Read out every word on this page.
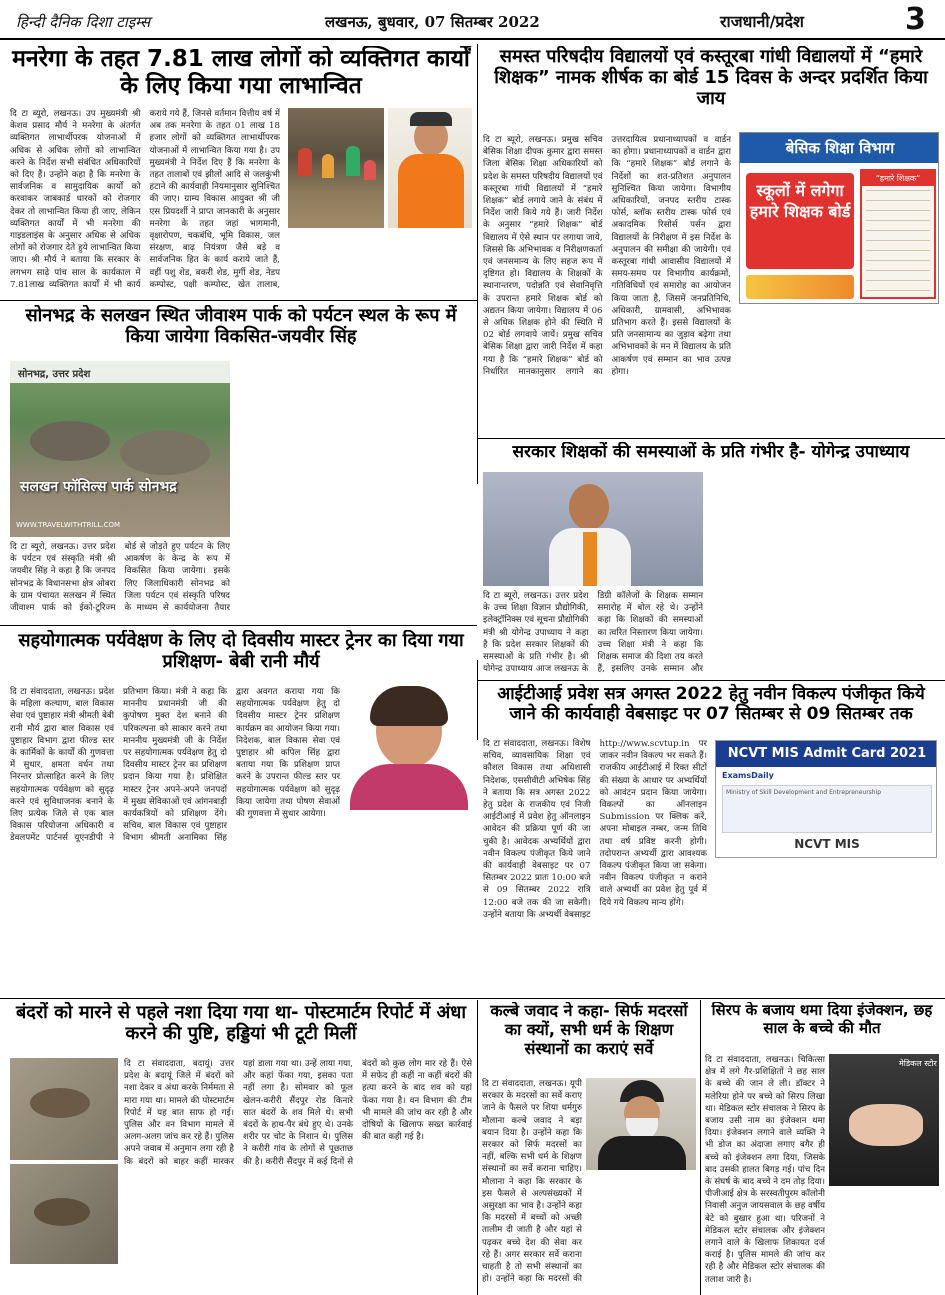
हिन्दी दैनिक दिशा टाइम्स	लखनऊ, बुधवार, 07 सितम्बर 2022	राजधानी/प्रदेश	3
मनरेगा के तहत 7.81 लाख लोगों को व्यक्तिगत कार्यों के लिए किया गया लाभान्वित
दि टा ब्यूरो, लखनऊ। उप मुख्यमंत्री श्री केशव प्रसाद मौर्य ने मनरेगा के अंतर्गत व्यक्तिगत लाभार्थीपरक योजनाओं में अधिक से अधिक लोगों को लाभान्वित करने के निर्देश सभी संबंधित अधिकारियों को दिए हैं। उन्होंने कहा है कि मनरेगा के सार्वजनिक व सामुदायिक कार्यों को करवाकर जाबकार्ड धारकों को रोजगार देकर तो लाभान्वित किया ही जाए, लेकिन व्यक्तिगत कार्यों में भी मनरेगा की गाइडलाइंस के अनुसार अधिक से अधिक लोगों को रोजगार देते हुये लाभान्वित किया जाए। श्री मौर्य ने बताया कि सरकार के लगभग साढ़े पांच साल के कार्यकाल में 7.81लाख व्यक्तिगत कार्यों में भी कार्य कराये गये हैं, जिनसे वर्तमान वित्तीय वर्ष में अब तक मनरेगा के तहत 01 लाख 18 हजार लोगों को व्यक्तिगत लाभार्थीपरक योजनाओं में लाभान्वित किया गया है। उप मुख्यमंत्री ने निर्देश दिए हैं कि मनरेगा के तहत तालाबों एवं झीलों आदि से जलकुंभी हटाने की कार्यवाही नियमानुसार सुनिश्चित की जाए। ग्राम्य विकास आयुक्त श्री जी एस प्रियदर्शी ने प्राप्त जानकारी के अनुसार मनरेगा के तहत जहां भागमानी, वृक्षारोपण, चकबंधि, भूमि विकास, जल संरक्षण, बाढ़ नियंत्रण जैसे बड़े व सार्वजनिक हित के कार्य कराये जाते हैं, वहीं पशु शेड, बकरी शेड, मुर्गी शेड, नेडप कम्पोस्ट, पक्षी कम्पोस्ट, खेत तालाब,
समस्त परिषदीय विद्यालयों एवं कस्तूरबा गांधी विद्यालयों में “हमारे शिक्षक” नामक शीर्षक का बोर्ड 15 दिवस के अन्दर प्रदर्शित किया जाय
दि टा ब्यूरो, लखनऊ। प्रमुख सचिव बेसिक शिक्षा दीपक कुमार द्वारा समस्त जिला बेसिक शिक्षा अधिकारियों को प्रदेश के समस्त परिषदीय विद्यालयों एवं कस्तूरबा गांधी विद्यालयों में “हमारे शिक्षक” बोर्ड लगाये जाने के संबंध में निर्देश जारी किये गये हैं। जारी निर्देश के अनुसार “हमारे शिक्षक” बोर्ड विद्यालय में ऐसे स्थान पर लगाया जाये, जिससे कि अभिभावक व निरीक्षणकर्ता एवं जनसमान्य के लिए सहज रूप में दृष्टिगत हो। विद्यालय के शिक्षकों के स्थानान्तरण, पदोन्नति एवं सेवानिवृत्ति के उपरान्त हमारे शिक्षक बोर्ड को अद्यतन किया जायेगा। विद्यालय में 06 से अधिक शिक्षक होने की स्थिति में 02 बोर्ड लगवाये जायें। प्रमुख सचिव बेसिक शिक्षा द्वारा जारी निर्देश में कहा गया है कि “हमारे शिक्षक” बोर्ड को निर्धारित मानकानुसार लगाने का उत्तरदायित्व प्रधानाध्यापकों व वार्डन का होगा। प्रधानाध्यापकों व वार्डन द्वारा कि “हमारे शिक्षक” बोर्ड लगाने के निर्देशों का शत-प्रतिशत अनुपालन सुनिश्चित किया जायेगा। विभागीय अधिकारियों, जनपद स्तरीय टास्क फोर्स, ब्लॉक स्तरीय टास्क फोर्स एवं अकादमिक रिसोर्स पर्सन द्वारा विद्यालयों के निरीक्षण में इस निर्देश के अनुपालन की समीक्षा की जायेगी। एवं कस्तूरबा गांधी आवासीय विद्यालयों में समय-समय पर विभागीय कार्यक्रमों, गतिविधियों एवं समारोह का आयोजन किया जाता है, जिसमें जनप्रतिनिधि, अधिकारी, ग्रामवासी, अभिभावक प्रतिभाग करते हैं। इससे विद्यालयों के प्रति जनसामान्य का जुड़ाव बढ़ेगा तथा अभिभावकों के मन में विद्यालय के प्रति आकर्षण एवं सम्मान का भाव उत्पन्न होगा।
बेसिक शिक्षा विभाग
स्कूलों में लगेगा हमारे शिक्षक बोर्ड
“हमारे शिक्षक”
सोनभद्र के सलखन स्थित जीवाश्म पार्क को पर्यटन स्थल के रूप में किया जायेगा विकसित-जयवीर सिंह
सोनभद्र, उत्तर प्रदेश
सलखन फॉसिल्स पार्क सोनभद्र
WWW.TRAVELWITHTRILL.COM
दि टा ब्यूरो, लखनऊ। उत्तर प्रदेश के पर्यटन एवं संस्कृति मंत्री श्री जयवीर सिंह ने कहा है कि जनपद सोनभद्र के विधानसभा क्षेत्र ओबरा के ग्राम पंचायत सलखन में स्थित जीवाश्म पार्क को ईको-टूरिज्म बोर्ड से जोड़ते हुए पर्यटन के लिए आकर्षण के केन्द्र के रूप में विकसित किया जायेगा। इसके लिए जिलाधिकारी सोनभद्र को जिला पर्यटन एवं संस्कृति परिषद के माध्यम से कार्ययोजना तैयार
सरकार शिक्षकों की समस्याओं के प्रति गंभीर है- योगेन्द्र उपाध्याय
दि टा ब्यूरो, लखनऊ। उत्तर प्रदेश के उच्च शिक्षा विज्ञान प्रौद्योगिकी, इलेक्ट्रॉनिक्स एवं सूचना प्रौद्योगिकी मंत्री श्री योगेन्द्र उपाध्याय ने कहा है कि प्रदेश सरकार शिक्षकों की समस्याओं के प्रति गंभीर है। श्री योगेन्द्र उपाध्याय आज लखनऊ के डिग्री कॉलेजों के शिक्षक सम्मान समारोह में बोल रहे थे। उन्होंने कहा कि शिक्षकों की समस्याओं का त्वरित निस्तारण किया जायेगा। उच्च शिक्षा मंत्री ने कहा कि शिक्षक समाज की दिशा तय करते हैं, इसलिए उनके सम्मान और
सहयोगात्मक पर्यवेक्षण के लिए दो दिवसीय मास्टर ट्रेनर का दिया गया प्रशिक्षण- बेबी रानी मौर्य
दि टा संवाददाता, लखनऊ। प्रदेश के महिला कल्याण, बाल विकास सेवा एवं पुष्टाहार मंत्री श्रीमती बेबी रानी मौर्य द्वारा बाल विकास एवं पुष्टाहार विभाग द्वारा फील्ड स्तर के कार्मिकों के कार्यों की गुणवत्ता में सुधार, क्षमता वर्धन तथा निरन्तर प्रोत्साहित करने के लिए सहयोगात्मक पर्यवेक्षण को सुदृढ़ करने एवं सुविधाजनक बनाने के लिए प्रत्येक जिले से एक बाल विकास परियोजना अधिकारी व डेवलपमेंट पार्टनर्स यूएनडीपी ने प्रतिभाग किया। मंत्री ने कहा कि माननीय प्रधानमंत्री जी की कुपोषण मुक्त देश बनाने की परिकल्पना को साकार करने तथा माननीय मुख्यमंत्री जी के निर्देश पर सहयोगात्मक पर्यवेक्षण हेतु दो दिवसीय मास्टर ट्रेनर का प्रशिक्षण प्रदान किया गया है। प्रशिक्षित मास्टर ट्रेनर अपने-अपने जनपदों में मुख्य सेविकाओं एवं आंगनबाड़ी कार्यकत्रियों को प्रशिक्षण देंगे। सचिव, बाल विकास एवं पुष्टाहार विभाग श्रीमती अनामिका सिंह द्वारा अवगत कराया गया कि सहयोगात्मक पर्यवेक्षण हेतु दो दिवसीय मास्टर ट्रेनर प्रशिक्षण कार्यक्रम का आयोजन किया गया। निदेशक, बाल विकास सेवा एवं पुष्टाहार श्री कपिल सिंह द्वारा बताया गया कि प्रशिक्षण प्राप्त करने के उपरान्त फील्ड स्तर पर सहयोगात्मक पर्यवेक्षण को सुदृढ़ किया जायेगा तथा पोषण सेवाओं की गुणवत्ता में सुधार आयेगा।
आईटीआई प्रवेश सत्र अगस्त 2022 हेतु नवीन विकल्प पंजीकृत किये जाने की कार्यवाही वेबसाइट पर 07 सितम्बर से 09 सितम्बर तक
दि टा संवाददाता, लखनऊ। विशेष सचिव, व्यावसायिक शिक्षा एवं कौशल विकास तथा अधिशासी निदेशक, एससीवीटी अभिषेक सिंह ने बताया कि सत्र अगस्त 2022 हेतु प्रदेश के राजकीय एवं निजी आईटीआई में प्रवेश हेतु ऑनलाइन आवेदन की प्रक्रिया पूर्ण की जा चुकी है। आवेदक अभ्यर्थियों द्वारा नवीन विकल्प पंजीकृत किये जाने की कार्यवाही वेबसाइट पर 07 सितम्बर 2022 प्रातः 10:00 बजे से 09 सितम्बर 2022 रात्रि 12:00 बजे तक की जा सकेगी। उन्होंने बताया कि अभ्यर्थी वेबसाइट http://www.scvtup.in पर जाकर नवीन विकल्प भर सकते हैं। राजकीय आईटीआई में रिक्त सीटों की संख्या के आधार पर अभ्यर्थियों को आवंटन प्रदान किया जायेगा। विकल्पों का ऑनलाइन Submission पर क्लिक करें, अपना मोबाइल नम्बर, जन्म तिथि तथा वर्ष प्रविष्ट करनी होगी। तदोपरान्त अभ्यर्थी द्वारा आवश्यक विकल्प पंजीकृत किया जा सकेगा। नवीन विकल्प पंजीकृत न कराने वाले अभ्यर्थी का प्रवेश हेतु पूर्व में दिये गये विकल्प मान्य होंगे।
NCVT MIS Admit Card 2021
ExamsDaily
Ministry of Skill Development and Entrepreneurship
NCVT MIS
बंदरों को मारने से पहले नशा दिया गया था- पोस्टमार्टम रिपोर्ट में अंधा करने की पुष्टि, हड्डियां भी टूटी मिलीं
दि टा संवाददाता, बदायूं। उत्तर प्रदेश के बदायूं जिले में बंदरों को नशा देकर व अंधा करके निर्ममता से मारा गया था। मामले की पोस्टमार्टम रिपोर्ट में यह बात साफ हो गई। पुलिस और वन विभाग मामले में अलग-अलग जांच कर रहे हैं। पुलिस अपने जवाब में अनुमान लगा रही है कि बंदरों को बाहर कहीं मारकर यहां डाला गया था। उन्हें लाया गया, और कहां फेंका गया, इसका पता नहीं लगा है। सोमवार को फूल खेलन-करीरी सैंदपुर रोड किनारे सात बंदरों के शव मिले थे। सभी बंदरों के हाथ-पैर बंधे हुए थे। उनके शरीर पर चोट के निशान थे। पुलिस ने करीरी गांव के लोगों से पूछताछ की है। करीरी सैंदपुर में कई दिनों से बंदरों को कुछ लोग मार रहे हैं। ऐसे में सफेद ही कहीं ना कहीं बंदरों की हत्या करने के बाद शव को यहां फेंका गया है। वन विभाग की टीम भी मामले की जांच कर रही है और दोषियों के खिलाफ सख्त कार्रवाई की बात कही गई है।
कल्बे जवाद ने कहा- सिर्फ मदरसों का क्यों, सभी धर्म के शिक्षण संस्थानों का कराएं सर्वे
दि टा संवाददाता, लखनऊ। यूपी सरकार के मदरसों का सर्वे कराए जाने के फैसले पर शिया धर्मगुरु मौलाना कल्बे जवाद ने बड़ा बयान दिया है। उन्होंने कहा कि सरकार को सिर्फ मदरसों का नहीं, बल्कि सभी धर्म के शिक्षण संस्थानों का सर्वे कराना चाहिए। मौलाना ने कहा कि सरकार के इस फैसले से अल्पसंख्यकों में असुरक्षा का भाव है। उन्होंने कहा कि मदरसों में बच्चों को अच्छी तालीम दी जाती है और यहां से पढ़कर बच्चे देश की सेवा कर रहे हैं। अगर सरकार सर्वे कराना चाहती है तो सभी संस्थानों का हो। उन्होंने कहा कि मदरसों की
सिरप के बजाय थमा दिया इंजेक्शन, छह साल के बच्चे की मौत
मेडिकल स्टोर
दि टा संवाददाता, लखनऊ। चिकित्सा क्षेत्र में लगे गैर-प्रशिक्षितों ने छह साल के बच्चे की जान ले ली। डॉक्टर ने मलेरिया होने पर बच्चे को सिरप लिखा था। मेडिकल स्टोर संचालक ने सिरप के बजाय उसी नाम का इंजेक्शन थमा दिया। इंजेक्शन लगाने वाले व्यक्ति ने भी डोज का अंदाजा लगाए बगैर ही बच्चे को इंजेक्शन लगा दिया, जिसके बाद उसकी हालत बिगड़ गई। पांच दिन के संघर्ष के बाद बच्चे ने दम तोड़ दिया। पीजीआई क्षेत्र के सरस्वतीपुरम कॉलोनी निवासी अनुज जायसवाल के छह वर्षीय बेटे को बुखार हुआ था। परिजनों ने मेडिकल स्टोर संचालक और इंजेक्शन लगाने वाले के खिलाफ शिकायत दर्ज कराई है। पुलिस मामले की जांच कर रही है और मेडिकल स्टोर संचालक की तलाश जारी है।
